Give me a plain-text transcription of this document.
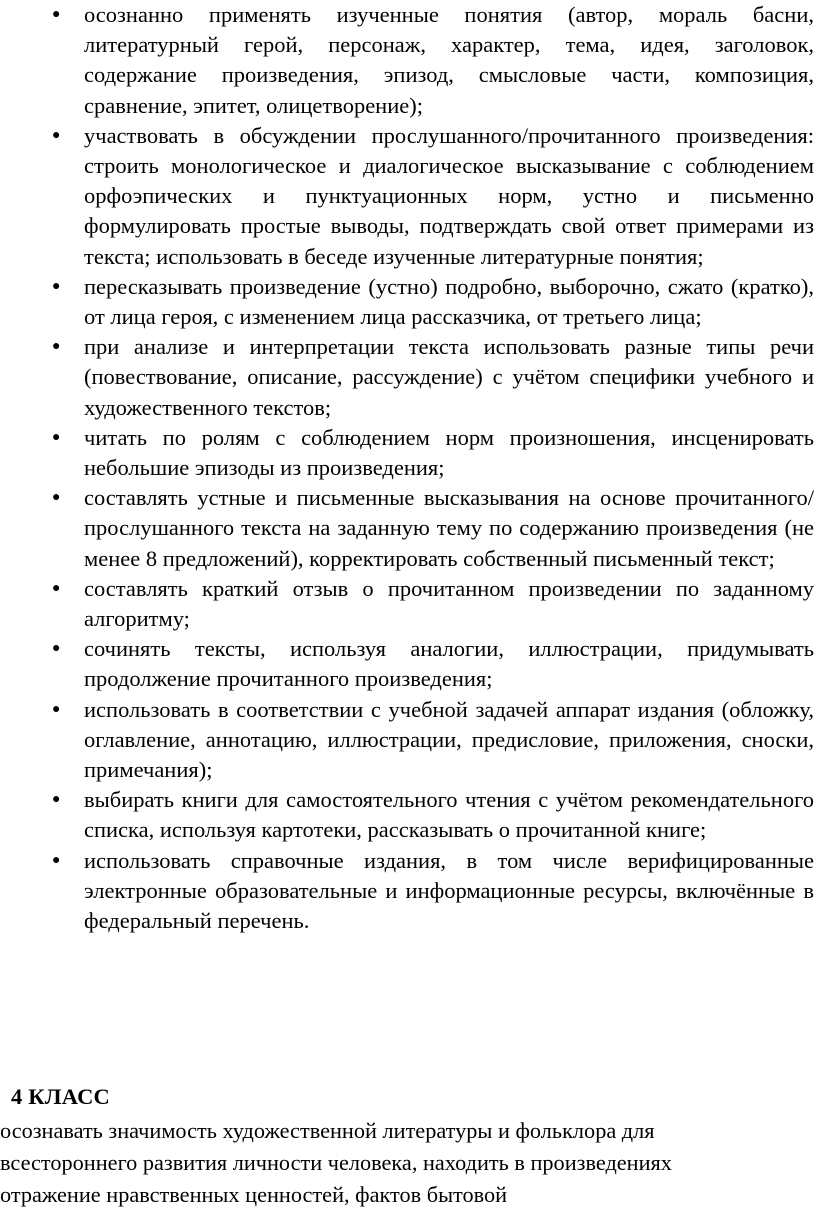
● осознанно применять изученные понятия (автор, мораль басни, литературный герой, персонаж, характер, тема, идея, заголовок, содержание произведения, эпизод, смысловые части, композиция, сравнение, эпитет, олицетворение);
● участвовать в обсуждении прослушанного/прочитанного произведения: строить монологическое и диалогическое высказывание с соблюдением орфоэпических и пунктуационных норм, устно и письменно формулировать простые выводы, подтверждать свой ответ примерами из текста; использовать в беседе изученные литературные понятия;
● пересказывать произведение (устно) подробно, выборочно, сжато (кратко), от лица героя, с изменением лица рассказчика, от третьего лица;
● при анализе и интерпретации текста использовать разные типы речи (повествование, описание, рассуждение) с учётом специфики учебного и художественного текстов;
● читать по ролям с соблюдением норм произношения, инсценировать небольшие эпизоды из произведения;
● составлять устные и письменные высказывания на основе прочитанного/прослушанного текста на заданную тему по содержанию произведения (не менее 8 предложений), корректировать собственный письменный текст;
● составлять краткий отзыв о прочитанном произведении по заданному алгоритму;
● сочинять тексты, используя аналогии, иллюстрации, придумывать продолжение прочитанного произведения;
● использовать в соответствии с учебной задачей аппарат издания (обложку, оглавление, аннотацию, иллюстрации, предисловие, приложения, сноски, примечания);
● выбирать книги для самостоятельного чтения с учётом рекомендательного списка, используя картотеки, рассказывать о прочитанной книге;
● использовать справочные издания, в том числе верифицированные электронные образовательные и информационные ресурсы, включённые в федеральный перечень.
4 КЛАСС
осознавать значимость художественной литературы и фольклора для
всестороннего развития личности человека, находить в произведениях
отражение нравственных ценностей, фактов бытовой
